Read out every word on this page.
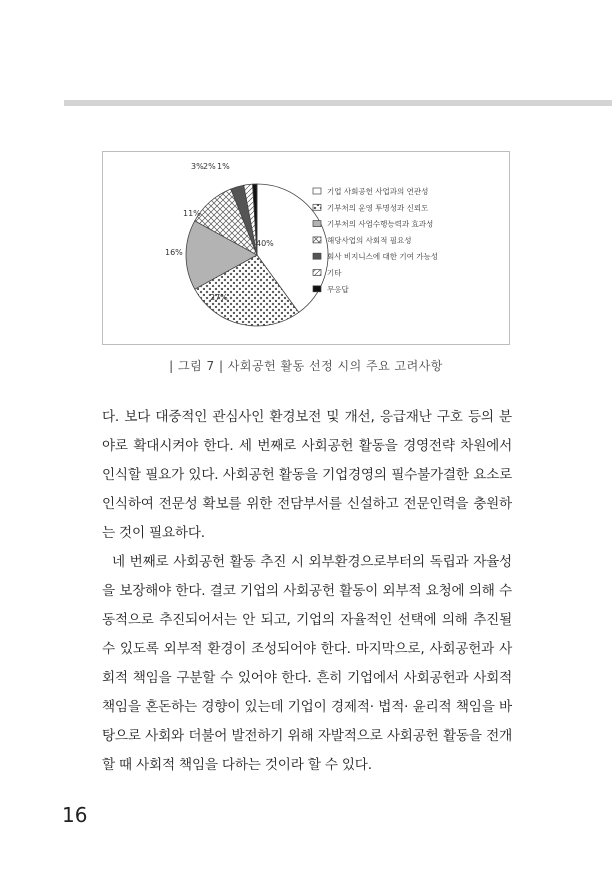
40%
27%
16%
11%
3% 2% 1%
기업 사회공헌 사업과의 연관성
기부처의 운영 투명성과 신뢰도
기부처의 사업수행능력과 효과성
해당사업의 사회적 필요성
회사 비지니스에 대한 기여 가능성
기타
무응답
| 그림 7 | 사회공헌 활동 선정 시의 주요 고려사항

다. 보다 대중적인 관심사인 환경보전 및 개선, 응급재난 구호 등의 분야로 확대시켜야 한다. 세 번째로 사회공헌 활동을 경영전략 차원에서 인식할 필요가 있다. 사회공헌 활동을 기업경영의 필수불가결한 요소로 인식하여 전문성 확보를 위한 전담부서를 신설하고 전문인력을 충원하는 것이 필요하다.

네 번째로 사회공헌 활동 추진 시 외부환경으로부터의 독립과 자율성을 보장해야 한다. 결코 기업의 사회공헌 활동이 외부적 요청에 의해 수동적으로 추진되어서는 안 되고, 기업의 자율적인 선택에 의해 추진될 수 있도록 외부적 환경이 조성되어야 한다. 마지막으로, 사회공헌과 사회적 책임을 구분할 수 있어야 한다. 흔히 기업에서 사회공헌과 사회적 책임을 혼돈하는 경향이 있는데 기업이 경제적· 법적· 윤리적 책임을 바탕으로 사회와 더불어 발전하기 위해 자발적으로 사회공헌 활동을 전개할 때 사회적 책임을 다하는 것이라 할 수 있다.

16
